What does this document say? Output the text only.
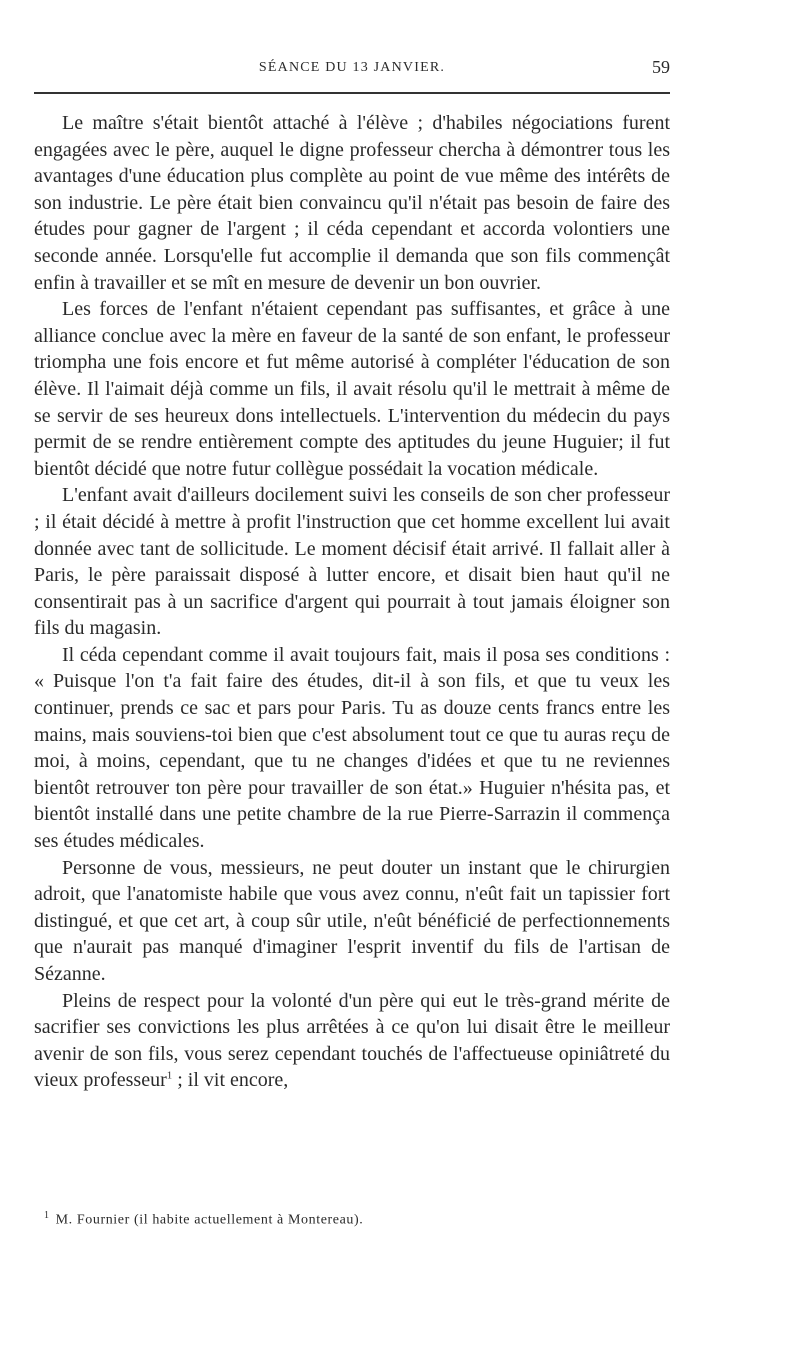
SÉANCE DU 13 JANVIER.	59

Le maître s'était bientôt attaché à l'élève ; d'habiles négociations furent engagées avec le père, auquel le digne professeur chercha à démontrer tous les avantages d'une éducation plus complète au point de vue même des intérêts de son industrie. Le père était bien convaincu qu'il n'était pas besoin de faire des études pour gagner de l'argent ; il céda cependant et accorda volontiers une seconde année. Lorsqu'elle fut accomplie il demanda que son fils commençât enfin à travailler et se mît en mesure de devenir un bon ouvrier.

Les forces de l'enfant n'étaient cependant pas suffisantes, et grâce à une alliance conclue avec la mère en faveur de la santé de son enfant, le professeur triompha une fois encore et fut même autorisé à compléter l'éducation de son élève. Il l'aimait déjà comme un fils, il avait résolu qu'il le mettrait à même de se servir de ses heureux dons intellectuels. L'intervention du médecin du pays permit de se rendre entièrement compte des aptitudes du jeune Huguier; il fut bientôt décidé que notre futur collègue possédait la vocation médicale.

L'enfant avait d'ailleurs docilement suivi les conseils de son cher professeur ; il était décidé à mettre à profit l'instruction que cet homme excellent lui avait donnée avec tant de sollicitude. Le moment décisif était arrivé. Il fallait aller à Paris, le père paraissait disposé à lutter encore, et disait bien haut qu'il ne consentirait pas à un sacrifice d'argent qui pourrait à tout jamais éloigner son fils du magasin.

Il céda cependant comme il avait toujours fait, mais il posa ses conditions : « Puisque l'on t'a fait faire des études, dit-il à son fils, et que tu veux les continuer, prends ce sac et pars pour Paris. Tu as douze cents francs entre les mains, mais souviens-toi bien que c'est absolument tout ce que tu auras reçu de moi, à moins, cependant, que tu ne changes d'idées et que tu ne reviennes bientôt retrouver ton père pour travailler de son état.» Huguier n'hésita pas, et bientôt installé dans une petite chambre de la rue Pierre-Sarrazin il commença ses études médicales.

Personne de vous, messieurs, ne peut douter un instant que le chirurgien adroit, que l'anatomiste habile que vous avez connu, n'eût fait un tapissier fort distingué, et que cet art, à coup sûr utile, n'eût bénéficié de perfectionnements que n'aurait pas manqué d'imaginer l'esprit inventif du fils de l'artisan de Sézanne.

Pleins de respect pour la volonté d'un père qui eut le très-grand mérite de sacrifier ses convictions les plus arrêtées à ce qu'on lui disait être le meilleur avenir de son fils, vous serez cependant touchés de l'affectueuse opiniâtreté du vieux professeur$^1$ ; il vit encore,

$^1$ M. Fournier (il habite actuellement à Montereau).
